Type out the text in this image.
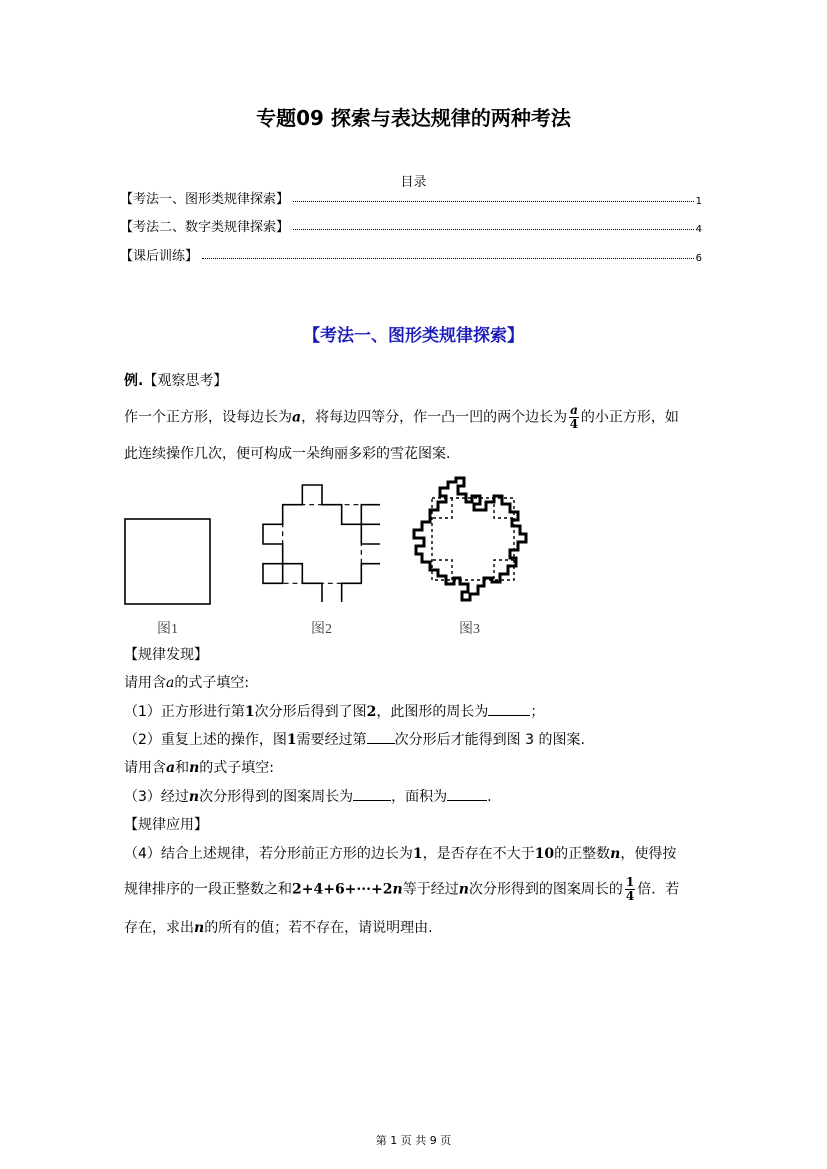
专题09 探索与表达规律的两种考法
目录
【考法一、图形类规律探索】	1
【考法二、数字类规律探索】	4
【课后训练】	6
【考法一、图形类规律探索】
例.【观察思考】
作一个正方形，设每边长为a，将每边四等分，作一凸一凹的两个边长为 $\frac{a}{4}$ 的小正方形，如
此连续操作几次，便可构成一朵绚丽多彩的雪花图案.
图1	图2	图3
【规律发现】
请用含a的式子填空:
（1）正方形进行第1次分形后得到了图2，此图形的周长为	；
（2）重复上述的操作，图1需要经过第 次分形后才能得到图 3 的图案.
请用含a和n的式子填空:
（3）经过n次分形得到的图案周长为	，面积为	.
【规律应用】
（4）结合上述规律，若分形前正方形的边长为1，是否存在不大于10的正整数n，使得按
规律排序的一段正整数之和2+4+6+···+2n等于经过n次分形得到的图案周长的 $\frac{1}{4}$ 倍．若
存在，求出n的所有的值；若不存在，请说明理由.
第 1 页 共 9 页
